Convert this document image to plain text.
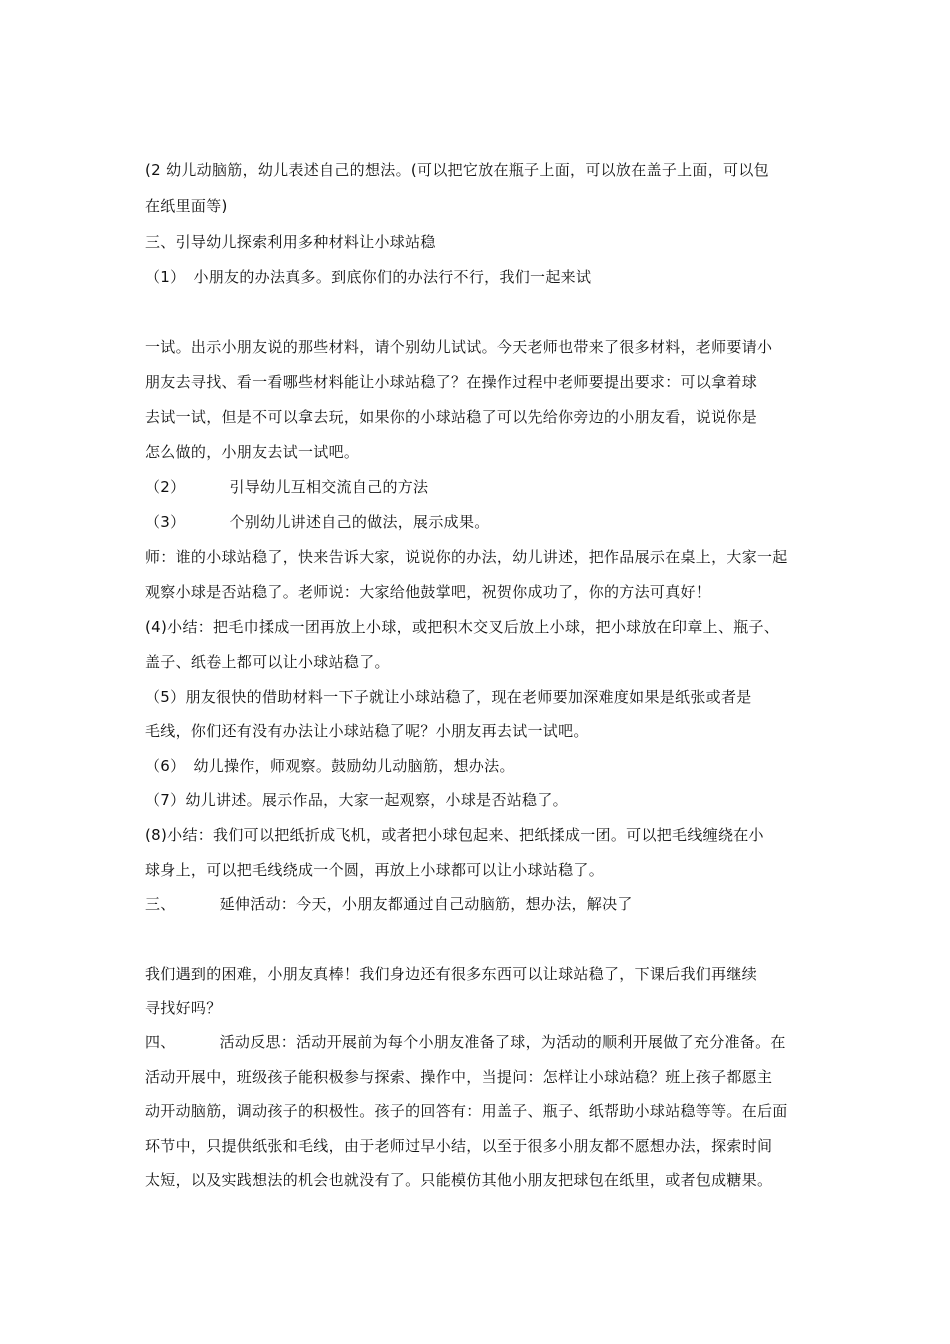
(2 幼儿动脑筋，幼儿表述自己的想法。(可以把它放在瓶子上面，可以放在盖子上面，可以包
在纸里面等)
三、引导幼儿探索利用多种材料让小球站稳
（1） 小朋友的办法真多。到底你们的办法行不行，我们一起来试
一试。出示小朋友说的那些材料，请个别幼儿试试。今天老师也带来了很多材料，老师要请小
朋友去寻找、看一看哪些材料能让小球站稳了？在操作过程中老师要提出要求：可以拿着球
去试一试，但是不可以拿去玩，如果你的小球站稳了可以先给你旁边的小朋友看，说说你是
怎么做的，小朋友去试一试吧。
（2）	引导幼儿互相交流自己的方法
（3）	个别幼儿讲述自己的做法，展示成果。
师：谁的小球站稳了，快来告诉大家，说说你的办法，幼儿讲述，把作品展示在桌上，大家一起
观察小球是否站稳了。老师说：大家给他鼓掌吧，祝贺你成功了，你的方法可真好！
(4)小结：把毛巾揉成一团再放上小球，或把积木交叉后放上小球，把小球放在印章上、瓶子、
盖子、纸卷上都可以让小球站稳了。
（5）朋友很快的借助材料一下子就让小球站稳了，现在老师要加深难度如果是纸张或者是
毛线，你们还有没有办法让小球站稳了呢？小朋友再去试一试吧。
（6） 幼儿操作，师观察。鼓励幼儿动脑筋，想办法。
（7）幼儿讲述。展示作品，大家一起观察，小球是否站稳了。
(8)小结：我们可以把纸折成飞机，或者把小球包起来、把纸揉成一团。可以把毛线缠绕在小
球身上，可以把毛线绕成一个圆，再放上小球都可以让小球站稳了。
三、	延伸活动：今天，小朋友都通过自己动脑筋，想办法，解决了
我们遇到的困难，小朋友真棒！我们身边还有很多东西可以让球站稳了，下课后我们再继续
寻找好吗？
四、	活动反思：活动开展前为每个小朋友准备了球，为活动的顺利开展做了充分准备。在
活动开展中，班级孩子能积极参与探索、操作中，当提问：怎样让小球站稳？班上孩子都愿主
动开动脑筋，调动孩子的积极性。孩子的回答有：用盖子、瓶子、纸帮助小球站稳等等。在后面
环节中，只提供纸张和毛线，由于老师过早小结，以至于很多小朋友都不愿想办法，探索时间
太短，以及实践想法的机会也就没有了。只能模仿其他小朋友把球包在纸里，或者包成糖果。
